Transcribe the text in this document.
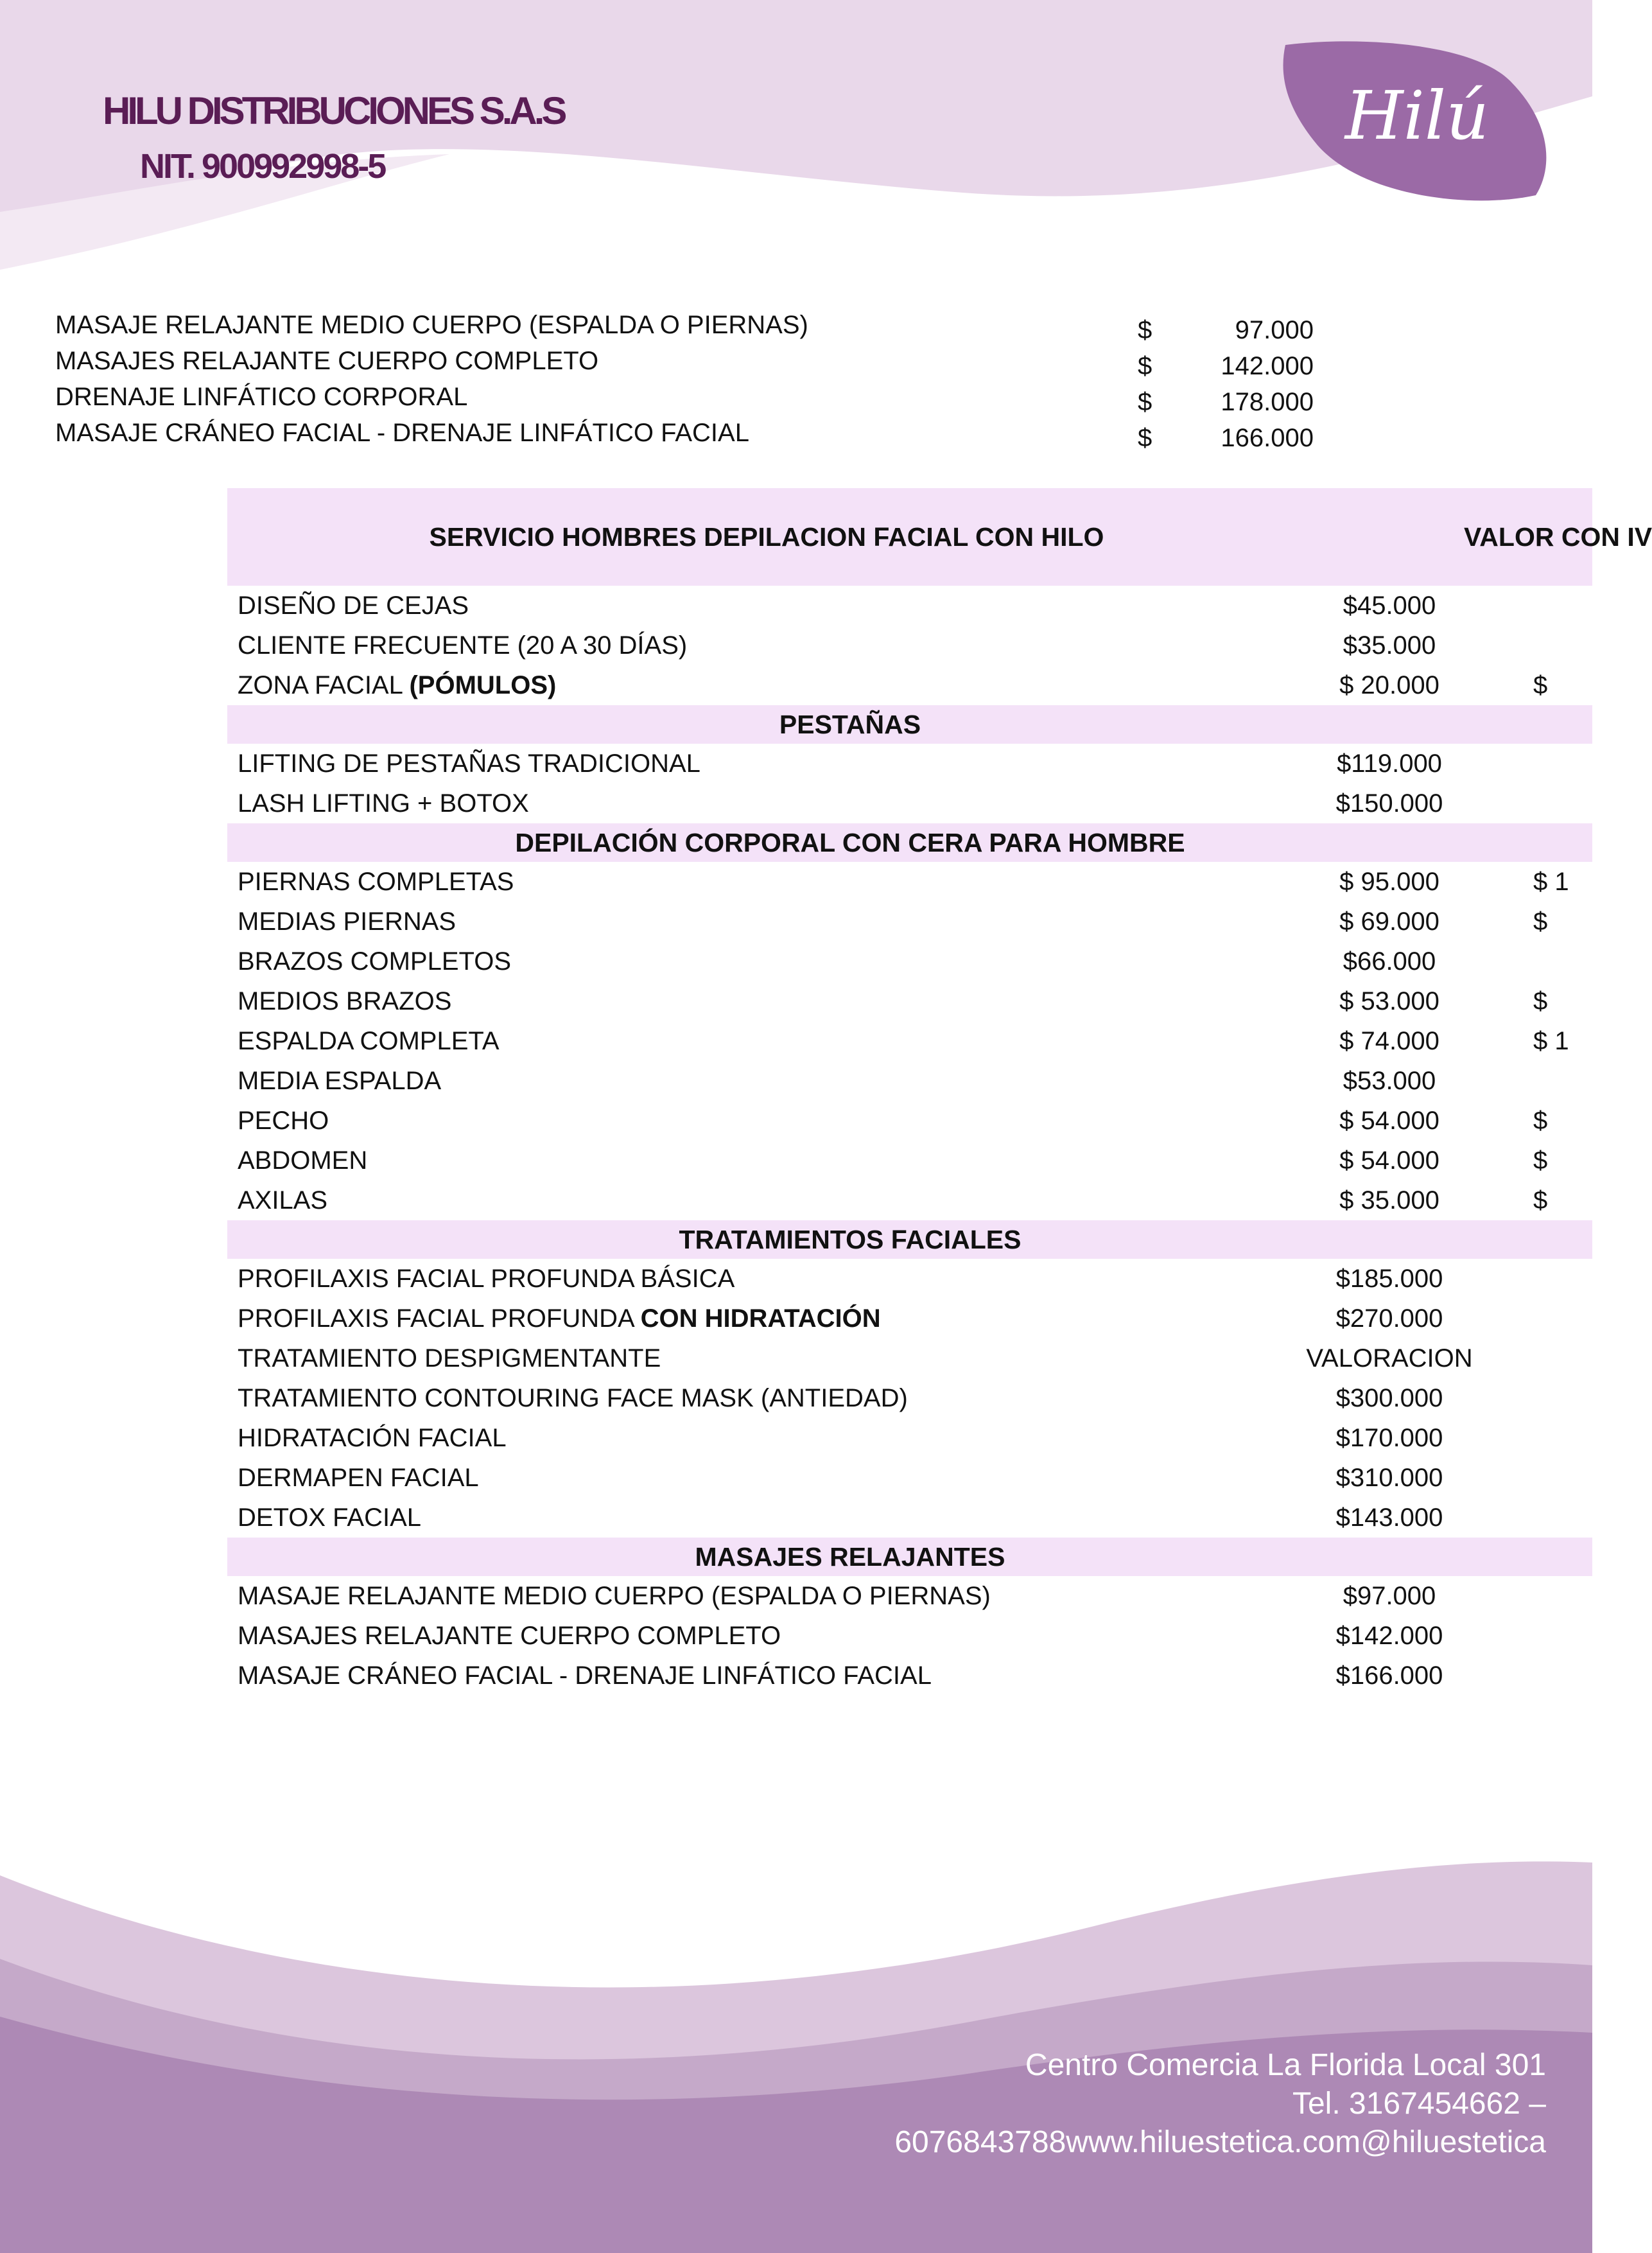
HILU DISTRIBUCIONES S.A.S
NIT. 900992998-5
Hilú
MASAJE RELAJANTE MEDIO CUERPO (ESPALDA O PIERNAS)	$	97.000
MASAJES RELAJANTE CUERPO COMPLETO	$	142.000
DRENAJE LINFÁTICO CORPORAL	$	178.000
MASAJE CRÁNEO FACIAL - DRENAJE LINFÁTICO FACIAL	$	166.000
SERVICIO HOMBRES DEPILACION FACIAL CON HILO	VALOR CON IV	
DISEÑO DE CEJAS	$45.000	
CLIENTE FRECUENTE (20 A 30 DÍAS)	$35.000	
ZONA FACIAL (PÓMULOS)	$ 20.000	$
PESTAÑAS		
LIFTING DE PESTAÑAS TRADICIONAL	$119.000	
LASH LIFTING + BOTOX	$150.000	
DEPILACIÓN CORPORAL CON CERA PARA HOMBRE		
PIERNAS COMPLETAS	$ 95.000	$ 1
MEDIAS PIERNAS	$ 69.000	$
BRAZOS COMPLETOS	$66.000	
MEDIOS BRAZOS	$ 53.000	$
ESPALDA COMPLETA	$ 74.000	$ 1
MEDIA ESPALDA	$53.000	
PECHO	$ 54.000	$
ABDOMEN	$ 54.000	$
AXILAS	$ 35.000	$
TRATAMIENTOS FACIALES		
PROFILAXIS FACIAL PROFUNDA BÁSICA	$185.000	
PROFILAXIS FACIAL PROFUNDA CON HIDRATACIÓN	$270.000	
TRATAMIENTO DESPIGMENTANTE	VALORACION	
TRATAMIENTO CONTOURING FACE MASK (ANTIEDAD)	$300.000	
HIDRATACIÓN FACIAL	$170.000	
DERMAPEN FACIAL	$310.000	
DETOX FACIAL	$143.000	
MASAJES RELAJANTES		
MASAJE RELAJANTE MEDIO CUERPO (ESPALDA O PIERNAS)	$97.000	
MASAJES RELAJANTE CUERPO COMPLETO	$142.000	
MASAJE CRÁNEO FACIAL - DRENAJE LINFÁTICO FACIAL	$166.000	
Centro Comercia La Florida Local 301
Tel. 3167454662 –
6076843788www.hiluestetica.com@hiluestetica
